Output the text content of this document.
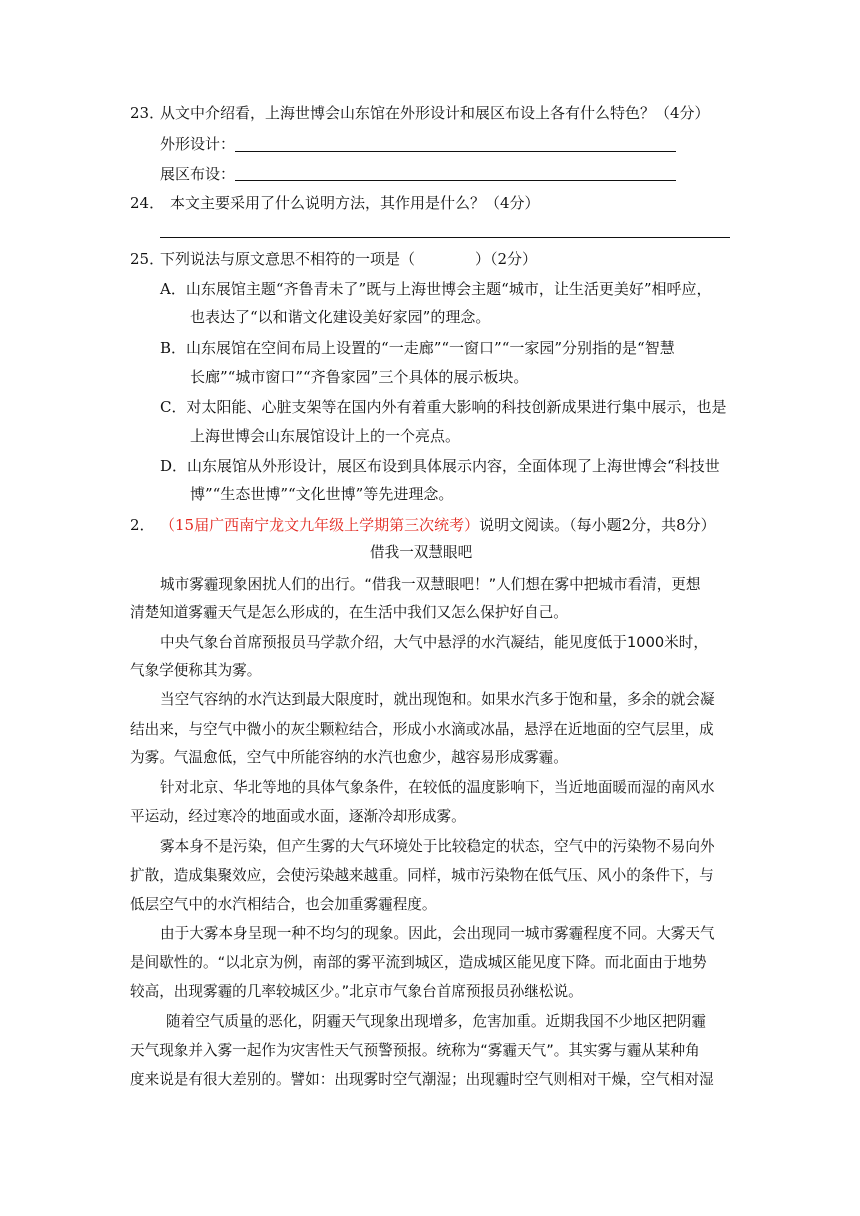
23．
从文中介绍看，上海世博会山东馆在外形设计和展区布设上各有什么特色？（4分）
外形设计：
展区布设：
24． 本文主要采用了什么说明方法，其作用是什么？（4分）
25．
下列说法与原文意思不相符的一项是（　　　　）（2分）
A．山东展馆主题“齐鲁青未了”既与上海世博会主题“城市，让生活更美好”相呼应，
也表达了“以和谐文化建设美好家园”的理念。
B．山东展馆在空间布局上设置的“一走廊”“一窗口”“一家园”分别指的是“智慧
长廊”“城市窗口”“齐鲁家园”三个具体的展示板块。
C．对太阳能、心脏支架等在国内外有着重大影响的科技创新成果进行集中展示，也是
上海世博会山东展馆设计上的一个亮点。
D．山东展馆从外形设计，展区布设到具体展示内容，全面体现了上海世博会“科技世
博”“生态世博”“文化世博”等先进理念。
2． （15届广西南宁龙文九年级上学期第三次统考）说明文阅读。（每小题2分，共8分）
借我一双慧眼吧
城市雾霾现象困扰人们的出行。“借我一双慧眼吧！”人们想在雾中把城市看清，更想
清楚知道雾霾天气是怎么形成的，在生活中我们又怎么保护好自己。
中央气象台首席预报员马学款介绍，大气中悬浮的水汽凝结，能见度低于1000米时，
气象学便称其为雾。
当空气容纳的水汽达到最大限度时，就出现饱和。如果水汽多于饱和量，多余的就会凝
结出来，与空气中微小的灰尘颗粒结合，形成小水滴或冰晶，悬浮在近地面的空气层里，成
为雾。气温愈低，空气中所能容纳的水汽也愈少，越容易形成雾霾。
针对北京、华北等地的具体气象条件，在较低的温度影响下，当近地面暖而湿的南风水
平运动，经过寒冷的地面或水面，逐渐冷却形成雾。
雾本身不是污染，但产生雾的大气环境处于比较稳定的状态，空气中的污染物不易向外
扩散，造成集聚效应，会使污染越来越重。同样，城市污染物在低气压、风小的条件下，与
低层空气中的水汽相结合，也会加重雾霾程度。
由于大雾本身呈现一种不均匀的现象。因此，会出现同一城市雾霾程度不同。大雾天气
是间歇性的。“以北京为例，南部的雾平流到城区，造成城区能见度下降。而北面由于地势
较高，出现雾霾的几率较城区少。”北京市气象台首席预报员孙继松说。
随着空气质量的恶化，阴霾天气现象出现增多，危害加重。近期我国不少地区把阴霾
天气现象并入雾一起作为灾害性天气预警预报。统称为“雾霾天气”。其实雾与霾从某种角
度来说是有很大差别的。譬如：出现雾时空气潮湿；出现霾时空气则相对干燥，空气相对湿
